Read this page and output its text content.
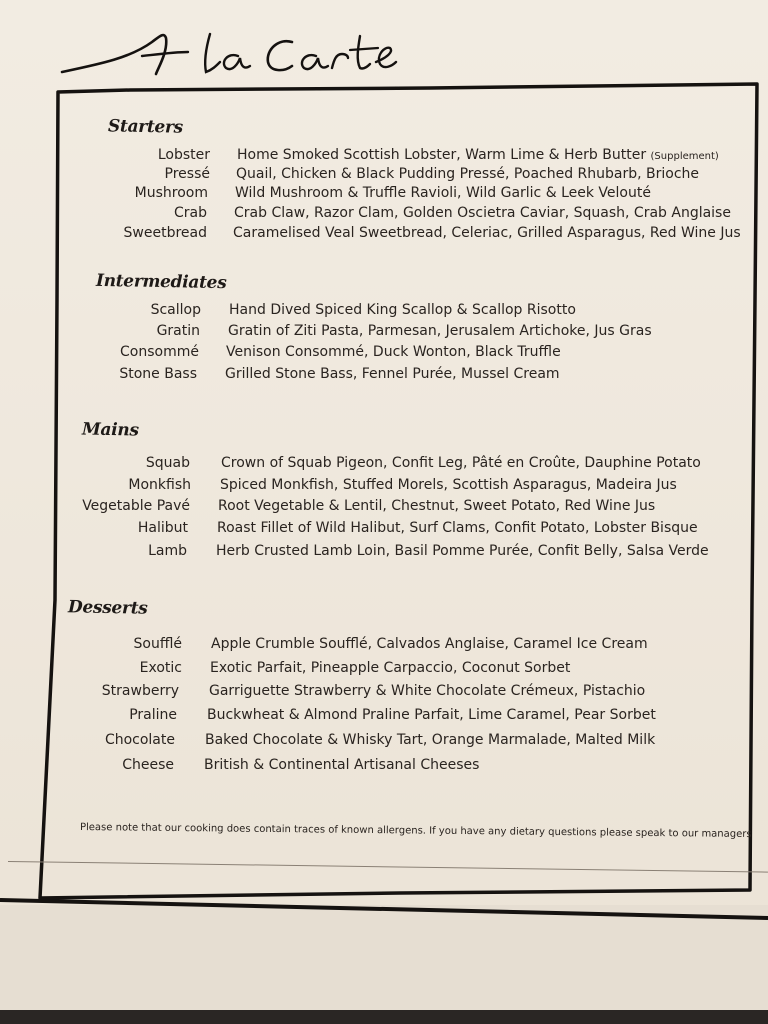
Starters
Lobster Home Smoked Scottish Lobster, Warm Lime & Herb Butter (Supplement)
Pressé Quail, Chicken & Black Pudding Pressé, Poached Rhubarb, Brioche
Mushroom Wild Mushroom & Truffle Ravioli, Wild Garlic & Leek Velouté
Crab Crab Claw, Razor Clam, Golden Oscietra Caviar, Squash, Crab Anglaise
Sweetbread Caramelised Veal Sweetbread, Celeriac, Grilled Asparagus, Red Wine Jus
Intermediates
Scallop Hand Dived Spiced King Scallop & Scallop Risotto
Gratin Gratin of Ziti Pasta, Parmesan, Jerusalem Artichoke, Jus Gras
Consommé Venison Consommé, Duck Wonton, Black Truffle
Stone Bass Grilled Stone Bass, Fennel Purée, Mussel Cream
Mains
Squab Crown of Squab Pigeon, Confit Leg, Pâté en Croûte, Dauphine Potato
Monkfish Spiced Monkfish, Stuffed Morels, Scottish Asparagus, Madeira Jus
Vegetable Pavé Root Vegetable & Lentil, Chestnut, Sweet Potato, Red Wine Jus
Halibut Roast Fillet of Wild Halibut, Surf Clams, Confit Potato, Lobster Bisque
Lamb Herb Crusted Lamb Loin, Basil Pomme Purée, Confit Belly, Salsa Verde
Desserts
Soufflé Apple Crumble Soufflé, Calvados Anglaise, Caramel Ice Cream
Exotic Exotic Parfait, Pineapple Carpaccio, Coconut Sorbet
Strawberry Garriguette Strawberry & White Chocolate Crémeux, Pistachio
Praline Buckwheat & Almond Praline Parfait, Lime Caramel, Pear Sorbet
Chocolate Baked Chocolate & Whisky Tart, Orange Marmalade, Malted Milk
Cheese British & Continental Artisanal Cheeses
Please note that our cooking does contain traces of known allergens. If you have any dietary questions please speak to our managers
